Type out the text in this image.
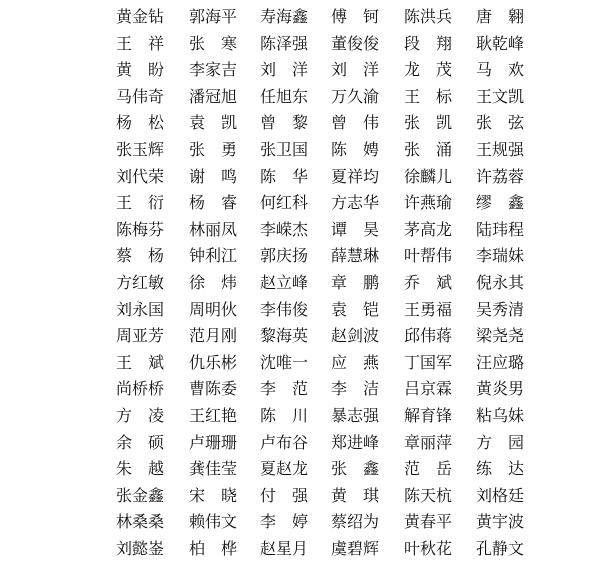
黄金钻	郭海平	寿海鑫	傅　钶	陈洪兵	唐　翱
王　祥	张　寒	陈泽强	董俊俊	段　翔	耿乾峰
黄　盼	李家吉	刘　洋	刘　洋	龙　茂	马　欢
马伟奇	潘冠旭	任旭东	万久渝	王　标	王文凯
杨　松	袁　凯	曾　黎	曾　伟	张　凯	张　弦
张玉辉	张　勇	张卫国	陈　娉	张　涌	王规强
刘代荣	谢　鸣	陈　华	夏祥均	徐麟儿	许荔蓉
王　衍	杨　睿	何红科	方志华	许燕瑜	缪　鑫
陈梅芬	林丽凤	李嵘杰	谭　昊	茅高龙	陆玮程
蔡　杨	钟利江	郭庆扬	薛慧琳	叶帮伟	李瑞妹
方红敏	徐　炜	赵立峰	章　鹏	乔　斌	倪永其
刘永国	周明伙	李伟俊	袁　铠	王勇福	吴秀清
周亚芳	范月刚	黎海英	赵剑波	邱伟蒋	梁尧尧
王　斌	仇乐彬	沈唯一	应　燕	丁国军	汪应璐
尚桥桥	曹陈委	李　范	李　洁	吕京霖	黄炎男
方　凌	王红艳	陈　川	暴志强	解育锋	粘乌妹
余　硕	卢珊珊	卢布谷	郑进峰	章丽萍	方　园
朱　越	龚佳莹	夏赵龙	张　鑫	范　岳	练　达
张金鑫	宋　晓	付　强	黄　琪	陈天杭	刘格廷
林桑桑	赖伟文	李　婷	蔡绍为	黄春平	黄宇波
刘懿崟	柏　桦	赵星月	虞碧辉	叶秋花	孔静文
